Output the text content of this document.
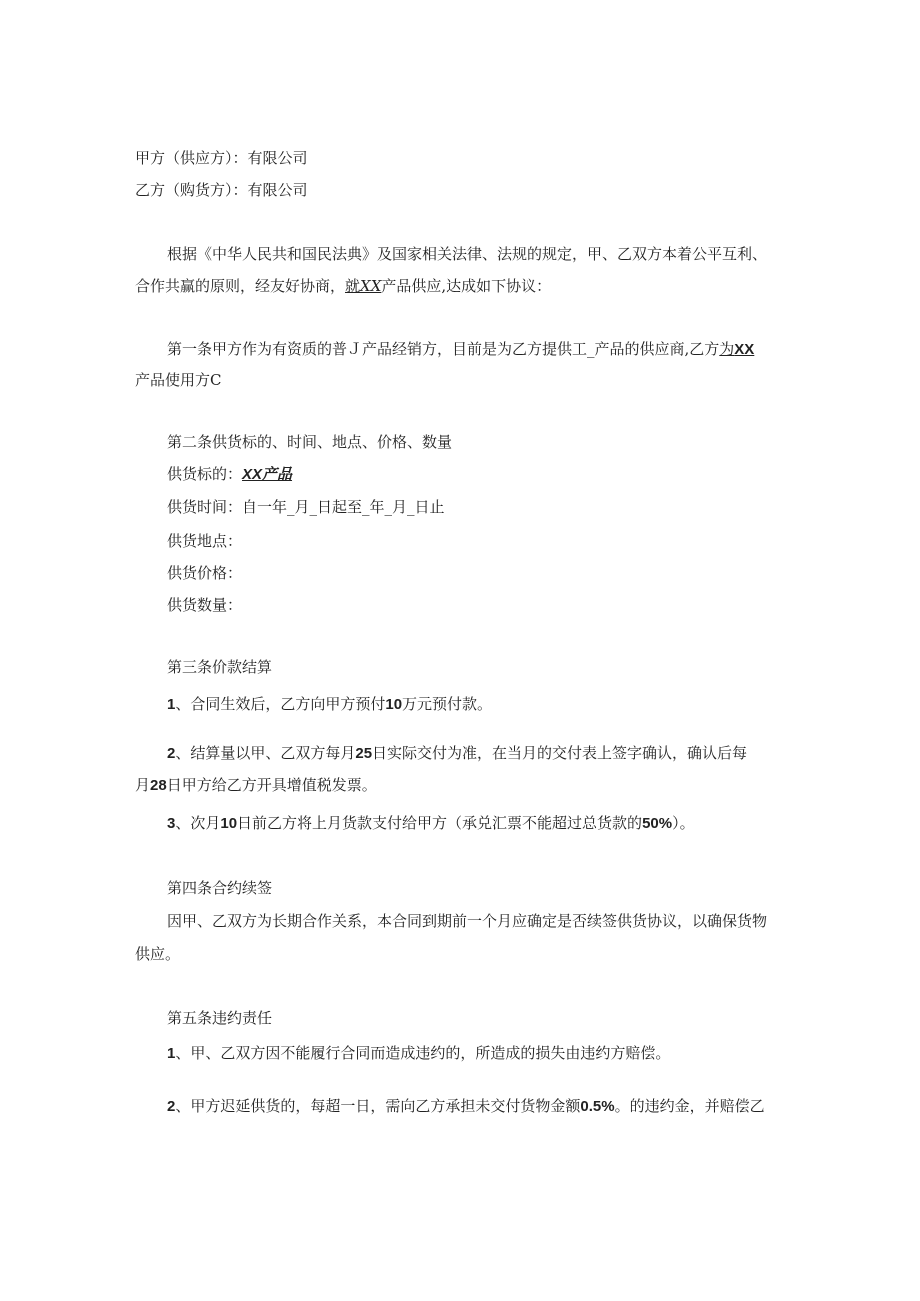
甲方（供应方）：有限公司
乙方（购货方）：有限公司
根据《中华人民共和国民法典》及国家相关法律、法规的规定，甲、乙双方本着公平互利、
合作共赢的原则，经友好协商，就XX产品供应,达成如下协议：
第一条甲方作为有资质的普Ｊ产品经销方，目前是为乙方提供工_产品的供应商,乙方为XX
产品使用方C
第二条供货标的、时间、地点、价格、数量
供货标的：XX产品
供货时间：自一年_月_日起至_年_月_日止
供货地点：
供货价格：
供货数量：
第三条价款结算
1、合同生效后，乙方向甲方预付10万元预付款。
2、结算量以甲、乙双方每月25日实际交付为准，在当月的交付表上签字确认，确认后每
月28日甲方给乙方开具增值税发票。
3、次月10日前乙方将上月货款支付给甲方（承兑汇票不能超过总货款的50%）。
第四条合约续签
因甲、乙双方为长期合作关系，本合同到期前一个月应确定是否续签供货协议，以确保货物
供应。
第五条违约责任
1、甲、乙双方因不能履行合同而造成违约的，所造成的损失由违约方赔偿。
2、甲方迟延供货的，每超一日，需向乙方承担未交付货物金额0.5%。的违约金，并赔偿乙
